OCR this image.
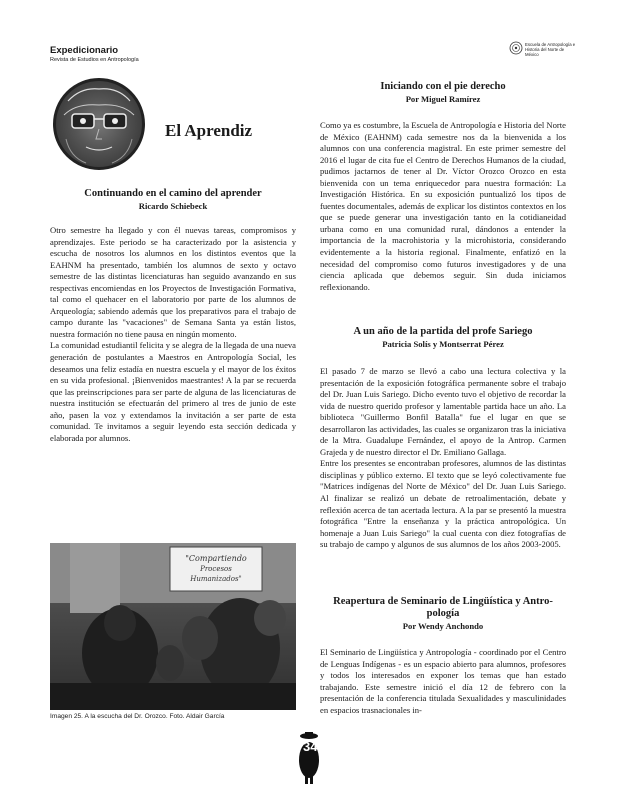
Expedicionario
Revista de Estudios en Antropología
Escuela de Antropología e Historia del Norte de México
El Aprendiz
Continuando en el camino del aprender
Ricardo Schiebeck

Otro semestre ha llegado y con él nuevas tareas, compromisos y aprendizajes. Este periodo se ha caracterizado por la asistencia y escucha de nosotros los alumnos en los distintos eventos que la EAHNM ha presentado, también los alumnos de sexto y octavo semestre de las distintas licenciaturas han seguido avanzando en sus respectivas encomiendas en los Proyectos de Investigación Formativa, tal como el quehacer en el laboratorio por parte de los alumnos de Arqueología; sabiendo además que los preparativos para el trabajo de campo durante las "vacaciones" de Semana Santa ya están listos, nuestra formación no tiene pausa en ningún momento.

La comunidad estudiantil felicita y se alegra de la llegada de una nueva generación de postulantes a Maestros en Antropología Social, les deseamos una feliz estadía en nuestra escuela y el mayor de los éxitos en su vida profesional. ¡Bienvenidos maestrantes! A la par se recuerda que las preinscripciones para ser parte de alguna de las licenciaturas de nuestra institución se efectuarán del primero al tres de junio de este año, pasen la voz y extendamos la invitación a ser parte de esta comunidad. Te invitamos a seguir leyendo esta sección dedicada y elaborada por alumnos.

"Compartiendo
Procesos
Humanizados"
Imagen 25. A la escucha del Dr. Orozco. Foto. Aldair García
Iniciando con el pie derecho
Por Miguel Ramírez

Como ya es costumbre, la Escuela de Antropología e Historia del Norte de México (EAHNM) cada semestre nos da la bienvenida a los alumnos con una conferencia magistral. En este primer semestre del 2016 el lugar de cita fue el Centro de Derechos Humanos de la ciudad, pudimos jactarnos de tener al Dr. Víctor Orozco Orozco en esta bienvenida con un tema enriquecedor para nuestra formación: La Investigación Histórica. En su exposición puntualizó los tipos de fuentes documentales, además de explicar los distintos contextos en los que se puede generar una investigación tanto en la cotidianeidad urbana como en una comunidad rural, dándonos a entender la importancia de la macrohistoria y la microhistoria, considerando evidentemente a la historia regional. Finalmente, enfatizó en la necesidad del compromiso como futuros investigadores y de una ciencia aplicada que debemos seguir. Sin duda iniciamos reflexionando.

A un año de la partida del profe Sariego
Patricia Solís y Montserrat Pérez

El pasado 7 de marzo se llevó a cabo una lectura colectiva y la presentación de la exposición fotográfica permanente sobre el trabajo del Dr. Juan Luis Sariego. Dicho evento tuvo el objetivo de recordar la vida de nuestro querido profesor y lamentable partida hace un año. La biblioteca "Guillermo Bonfil Batalla" fue el lugar en que se desarrollaron las actividades, las cuales se organizaron tras la iniciativa de la Mtra. Guadalupe Fernández, el apoyo de la Antrop. Carmen Grajeda y de nuestro director el Dr. Emiliano Gallaga.

Entre los presentes se encontraban profesores, alumnos de las distintas disciplinas y público externo. El texto que se leyó colectivamente fue "Matrices indígenas del Norte de México" del Dr. Juan Luis Sariego. Al finalizar se realizó un debate de retroalimentación, debate y reflexión acerca de tan acertada lectura. A la par se presentó la muestra fotográfica "Entre la enseñanza y la práctica antropológica. Un homenaje a Juan Luis Sariego" la cual cuenta con diez fotografías de su trabajo de campo y algunos de sus alumnos de los años 2003-2005.

Reapertura de Seminario de Lingüística y Antro-
pología
Por Wendy Anchondo

El Seminario de Lingüística y Antropología - coordinado por el Centro de Lenguas Indígenas - es un espacio abierto para alumnos, profesores y todos los interesados en exponer los temas que han estado trabajando. Este semestre inició el día 12 de febrero con la presentación de la conferencia titulada Sexualidades y masculinidades en espacios trasnacionales in-

34
